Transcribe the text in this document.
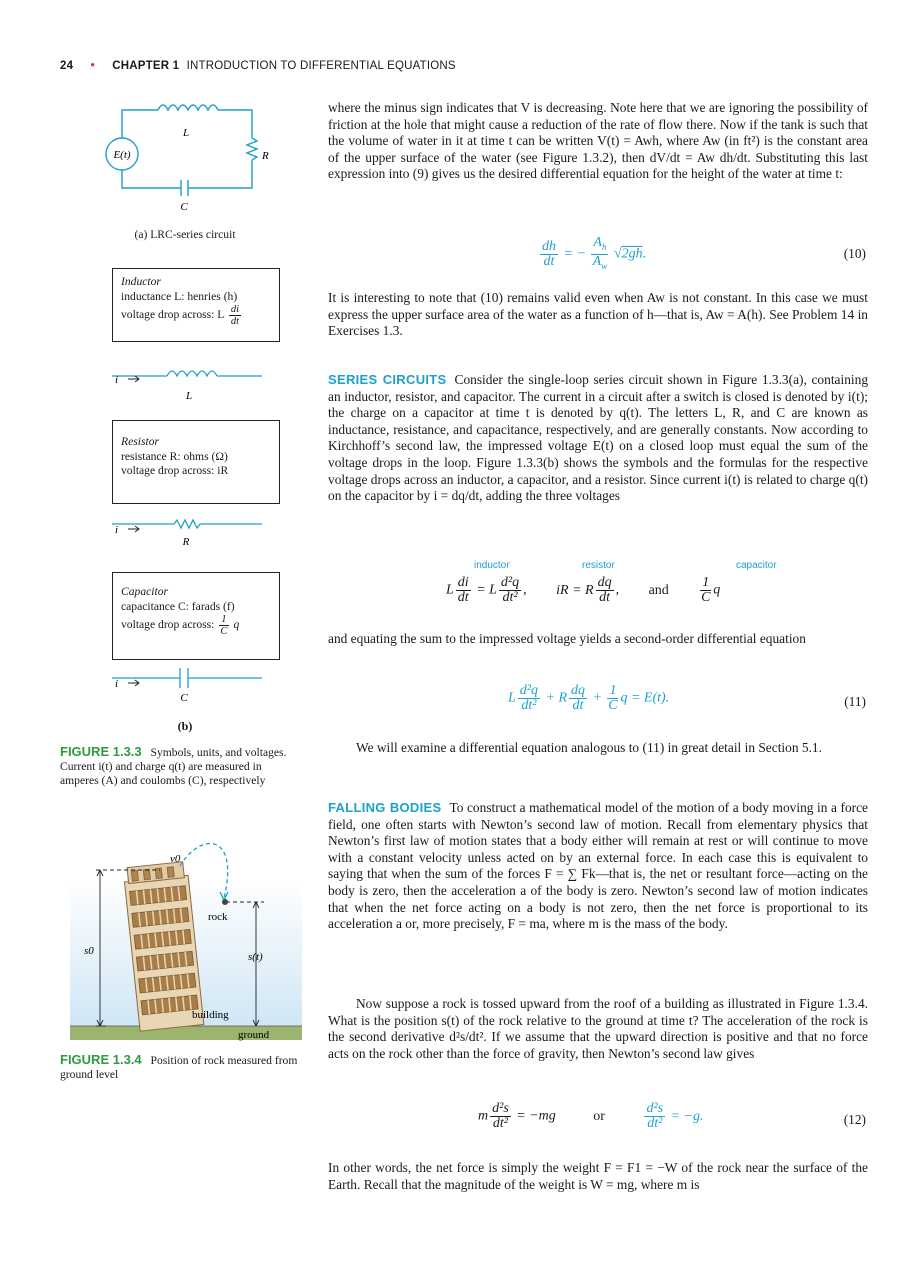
24 • CHAPTER 1 INTRODUCTION TO DIFFERENTIAL EQUATIONS
E(t)
L
R
C
(a) LRC-series circuit
Inductor
inductance L: henries (h)
voltage drop across: L $\frac{di}{dt}$
i
L
Resistor
resistance R: ohms (Ω)
voltage drop across: iR
i
R
Capacitor
capacitance C: farads (f)
voltage drop across: $\frac{1}{C}$ q
i
C
(b)
FIGURE 1.3.3 Symbols, units, and voltages. Current i(t) and charge q(t) are measured in amperes (A) and coulombs (C), respectively
v0
rock
s0	s(t)
building
ground
FIGURE 1.3.4 Position of rock measured from ground level

where the minus sign indicates that V is decreasing. Note here that we are ignoring the possibility of friction at the hole that might cause a reduction of the rate of flow there. Now if the tank is such that the volume of water in it at time t can be written V(t) = Awh, where Aw (in ft²) is the constant area of the upper surface of the water (see Figure 1.3.2), then dV/dt = Aw dh/dt. Substituting this last expression into (9) gives us the desired differential equation for the height of the water at time t:

$\frac{dh}{dt}$ = − $\frac{A_h}{A_w} √2gh$.	(10)

It is interesting to note that (10) remains valid even when Aw is not constant. In this case we must express the upper surface area of the water as a function of h—that is, Aw = A(h). See Problem 14 in Exercises 1.3.

SERIES CIRCUITS Consider the single-loop series circuit shown in Figure 1.3.3(a), containing an inductor, resistor, and capacitor. The current in a circuit after a switch is closed is denoted by i(t); the charge on a capacitor at time t is denoted by q(t). The letters L, R, and C are known as inductance, resistance, and capacitance, respectively, and are generally constants. Now according to Kirchhoff’s second law, the impressed voltage E(t) on a closed loop must equal the sum of the voltage drops in the loop. Figure 1.3.3(b) shows the symbols and the formulas for the respective voltage drops across an inductor, a capacitor, and a resistor. Since current i(t) is related to charge q(t) on the capacitor by i = dq/dt, adding the three voltages

inductor	resistor	capacitor
L $\frac{di}{dt} = L \frac{\text{d²q}}{\text{dt²}}$ , iR = R $\frac{dq}{dt}$ , and $\frac{1}{C}$ q

and equating the sum to the impressed voltage yields a second-order differential equation

L $\frac{\text{d²q}}{\text{dt²}} + R \frac{dq}{dt} + \frac{1}{C}$ q = E(t).	(11)

We will examine a differential equation analogous to (11) in great detail in Section 5.1.

FALLING BODIES To construct a mathematical model of the motion of a body moving in a force field, one often starts with Newton’s second law of motion. Recall from elementary physics that Newton’s first law of motion states that a body either will remain at rest or will continue to move with a constant velocity unless acted on by an external force. In each case this is equivalent to saying that when the sum of the forces F = ∑ Fk—that is, the net or resultant force—acting on the body is zero, then the acceleration a of the body is zero. Newton’s second law of motion indicates that when the net force acting on a body is not zero, then the net force is proportional to its acceleration a or, more precisely, F = ma, where m is the mass of the body.

Now suppose a rock is tossed upward from the roof of a building as illustrated in Figure 1.3.4. What is the position s(t) of the rock relative to the ground at time t? The acceleration of the rock is the second derivative d²s/dt². If we assume that the upward direction is positive and that no force acts on the rock other than the force of gravity, then Newton’s second law gives

m $\frac{\text{d²s}}{\text{dt²}} = -mg$ or	$\frac{\text{d²s}}{\text{dt²}} = -g$.	(12)

In other words, the net force is simply the weight F = F1 = −W of the rock near the surface of the Earth. Recall that the magnitude of the weight is W = mg, where m is
